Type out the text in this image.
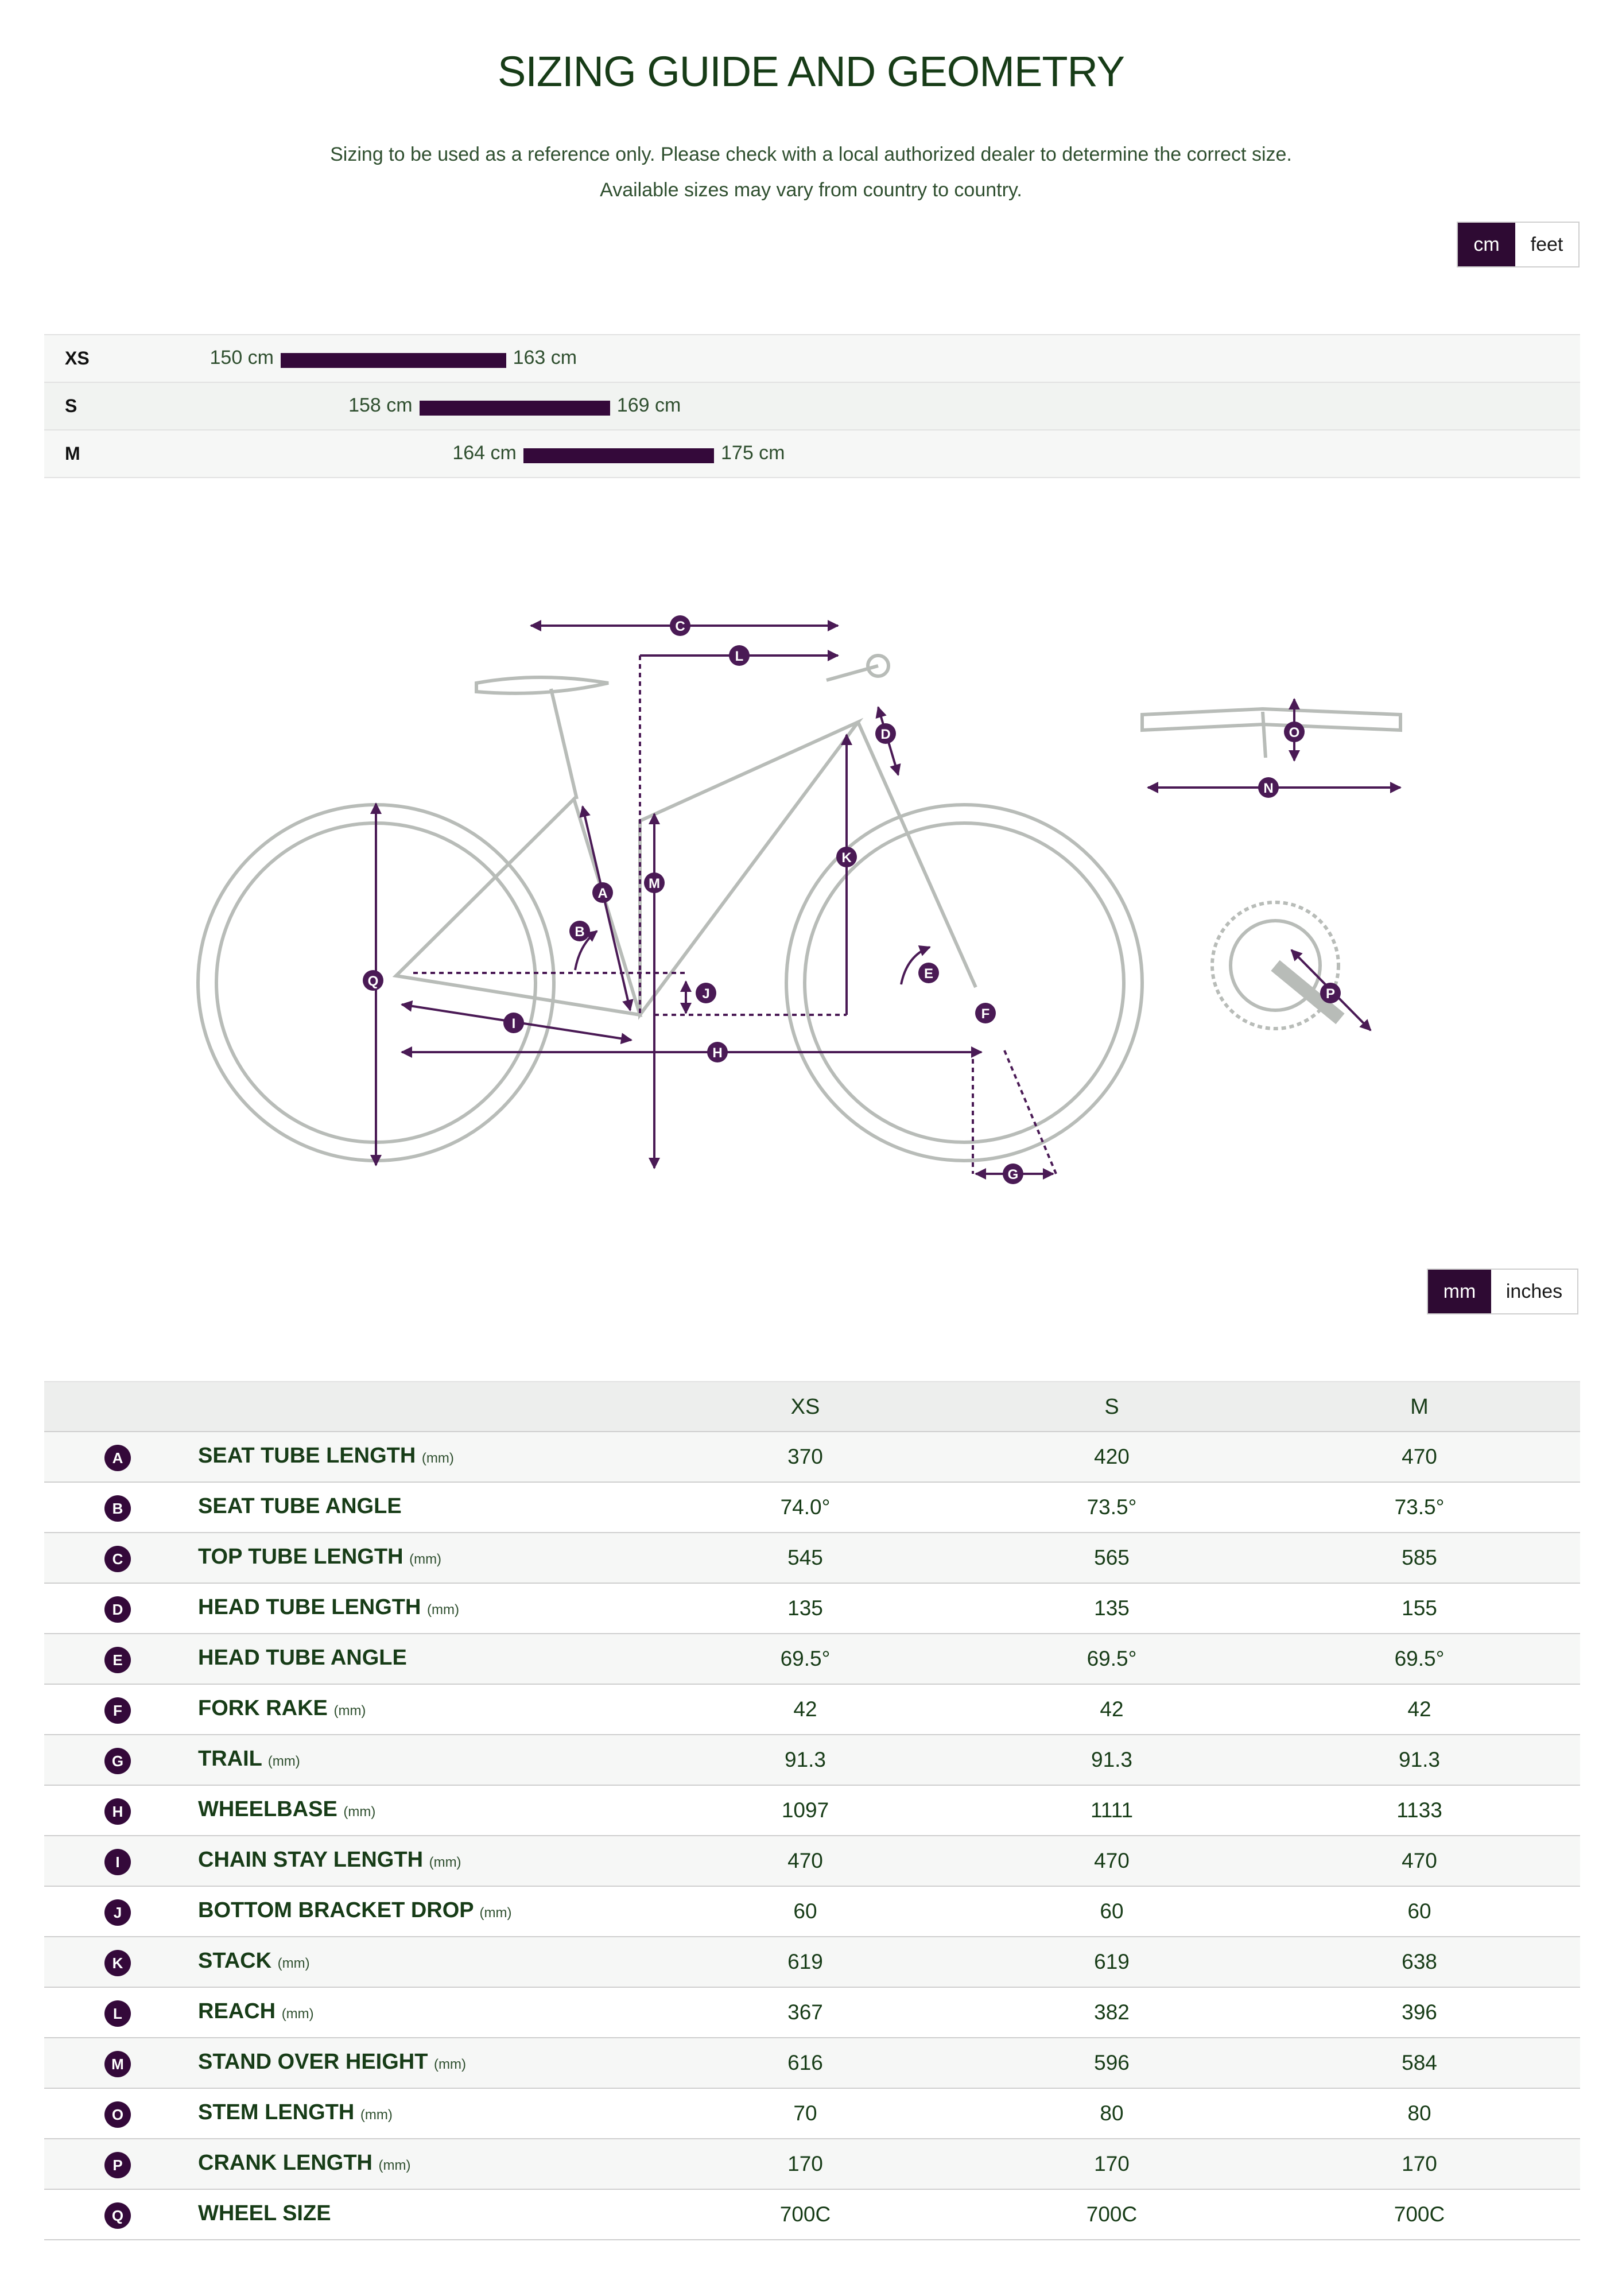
SIZING GUIDE AND GEOMETRY
Sizing to be used as a reference only. Please check with a local authorized dealer to determine the correct size.
Available sizes may vary from country to country.
cm	feet
XS	150 cm	163 cm
S	158 cm	169 cm
M	164 cm	175 cm
A
B
C
D
E
F
G
H
I
J
K
L
M
N
O
P
Q
mm	inches
XS	S	M
A	SEAT TUBE LENGTH (mm)	370	420	470
B	SEAT TUBE ANGLE	74.0°	73.5°	73.5°
C	TOP TUBE LENGTH (mm)	545	565	585
D	HEAD TUBE LENGTH (mm)	135	135	155
E	HEAD TUBE ANGLE	69.5°	69.5°	69.5°
F	FORK RAKE (mm)	42	42	42
G	TRAIL (mm)	91.3	91.3	91.3
H	WHEELBASE (mm)	1097	1111	1133
I	CHAIN STAY LENGTH (mm)	470	470	470
J	BOTTOM BRACKET DROP (mm)	60	60	60
K	STACK (mm)	619	619	638
L	REACH (mm)	367	382	396
M	STAND OVER HEIGHT (mm)	616	596	584
O	STEM LENGTH (mm)	70	80	80
P	CRANK LENGTH (mm)	170	170	170
Q	WHEEL SIZE	700C	700C	700C
